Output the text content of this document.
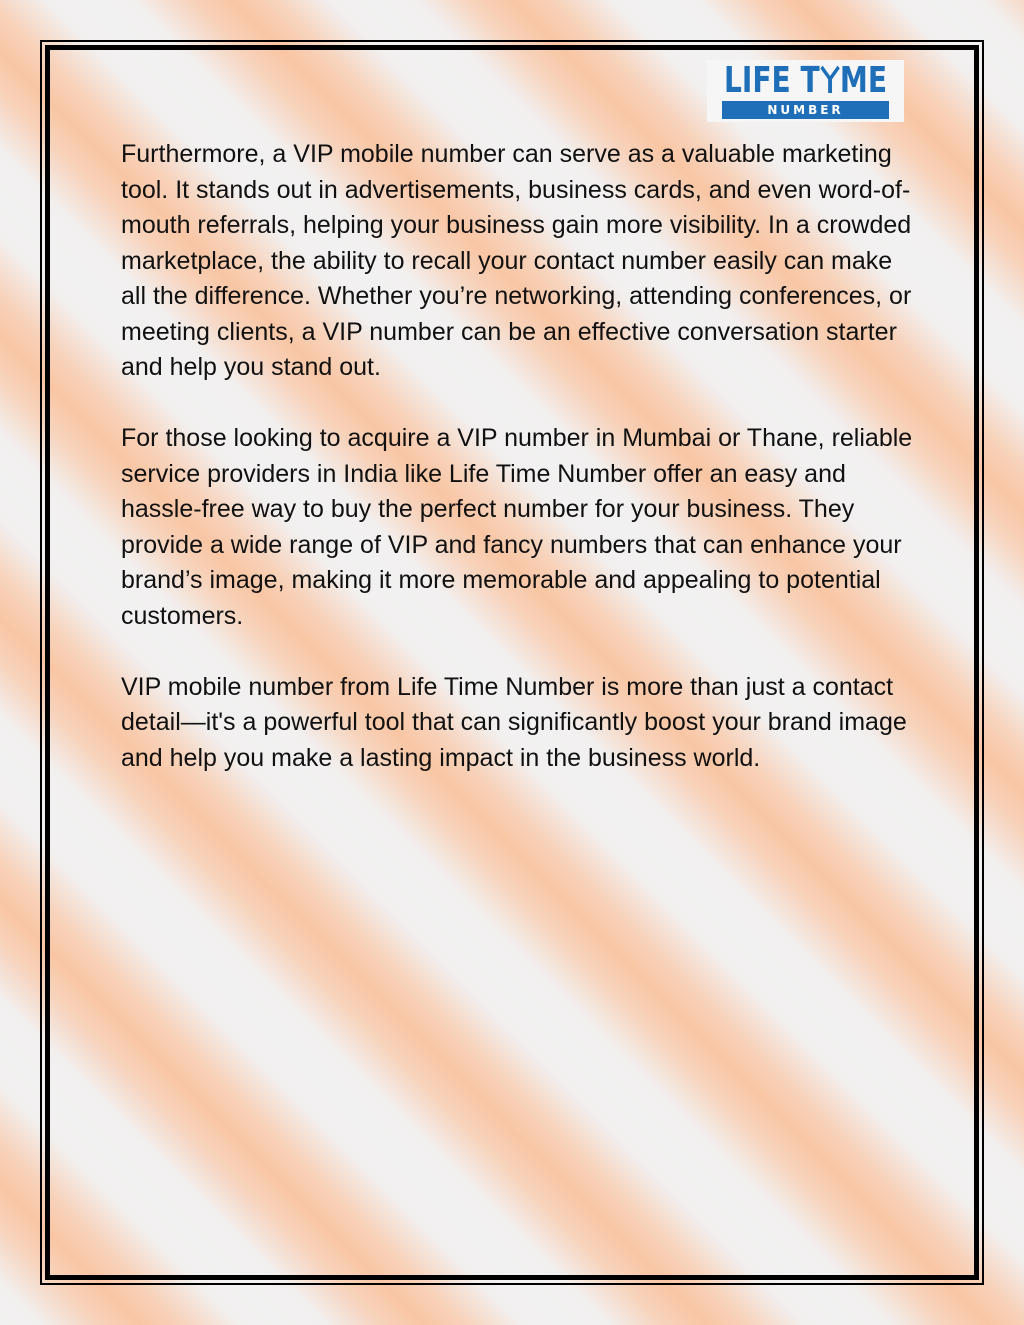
LIFE T ME
NUMBER

Furthermore, a VIP mobile number can serve as a valuable marketing tool. It stands out in advertisements, business cards, and even word-of-mouth referrals, helping your business gain more visibility. In a crowded marketplace, the ability to recall your contact number easily can make all the difference. Whether you’re networking, attending conferences, or meeting clients, a VIP number can be an effective conversation starter and help you stand out.

For those looking to acquire a VIP number in Mumbai or Thane, reliable service providers in India like Life Time Number offer an easy and hassle-free way to buy the perfect number for your business. They provide a wide range of VIP and fancy numbers that can enhance your brand’s image, making it more memorable and appealing to potential customers.

VIP mobile number from Life Time Number is more than just a contact detail—it's a powerful tool that can significantly boost your brand image and help you make a lasting impact in the business world.
